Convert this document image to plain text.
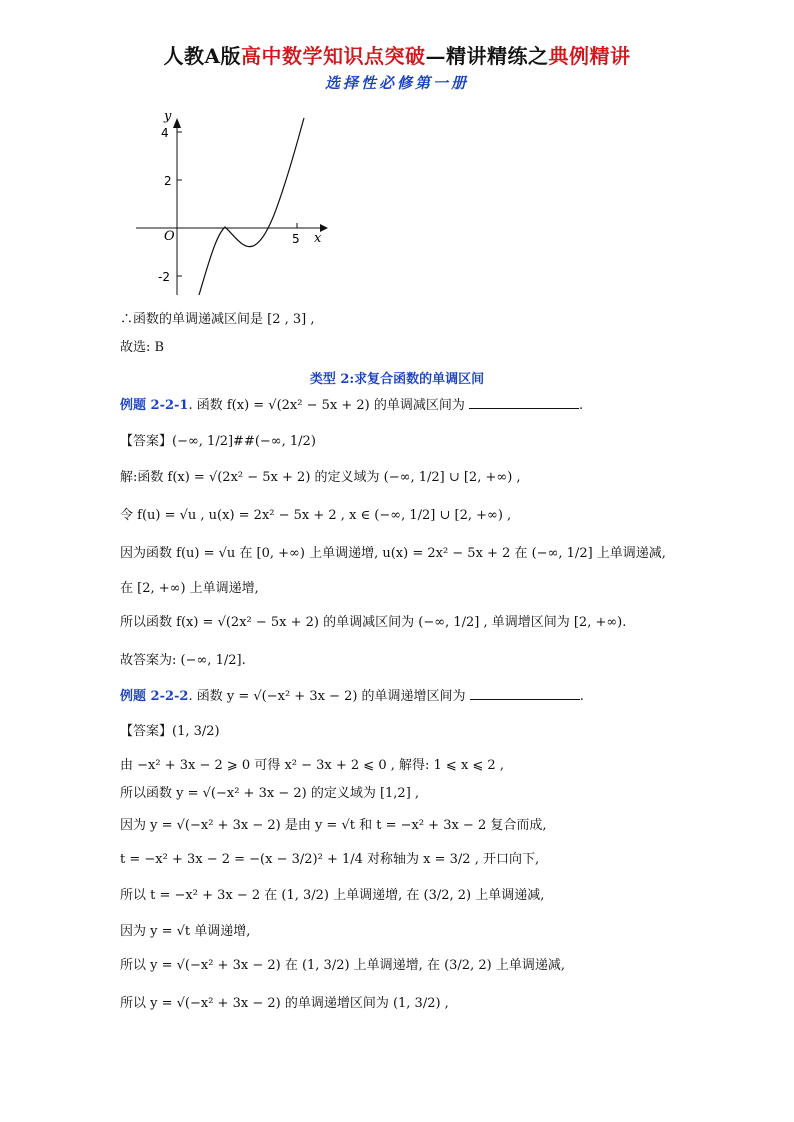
人教A版高中数学知识点突破—精讲精练之典例精讲
选择性必修第一册
y
x
O
4
2
-2
5
∴函数的单调递减区间是 [2 , 3] ,
故选: B
类型 2:求复合函数的单调区间
例题 2-2-1. 函数 f(x) = √(2x² − 5x + 2) 的单调减区间为	.
【答案】(−∞, 1/2]##(−∞, 1/2)
解:函数 f(x) = √(2x² − 5x + 2) 的定义域为 (−∞, 1/2] ∪ [2, +∞) ,
令 f(u) = √u , u(x) = 2x² − 5x + 2 , x ∈ (−∞, 1/2] ∪ [2, +∞) ,
因为函数 f(u) = √u 在 [0, +∞) 上单调递增, u(x) = 2x² − 5x + 2 在 (−∞, 1/2] 上单调递减,
在 [2, +∞) 上单调递增,
所以函数 f(x) = √(2x² − 5x + 2) 的单调减区间为 (−∞, 1/2] , 单调增区间为 [2, +∞).
故答案为: (−∞, 1/2].
例题 2-2-2. 函数 y = √(−x² + 3x − 2) 的单调递增区间为	.
【答案】(1, 3/2)
由 −x² + 3x − 2 ⩾ 0 可得 x² − 3x + 2 ⩽ 0 , 解得: 1 ⩽ x ⩽ 2 ,
所以函数 y = √(−x² + 3x − 2) 的定义域为 [1,2] ,
因为 y = √(−x² + 3x − 2) 是由 y = √t 和 t = −x² + 3x − 2 复合而成,
t = −x² + 3x − 2 = −(x − 3/2)² + 1/4 对称轴为 x = 3/2 , 开口向下,
所以 t = −x² + 3x − 2 在 (1, 3/2) 上单调递增, 在 (3/2, 2) 上单调递减,
因为 y = √t 单调递增,
所以 y = √(−x² + 3x − 2) 在 (1, 3/2) 上单调递增, 在 (3/2, 2) 上单调递减,
所以 y = √(−x² + 3x − 2) 的单调递增区间为 (1, 3/2) ,
